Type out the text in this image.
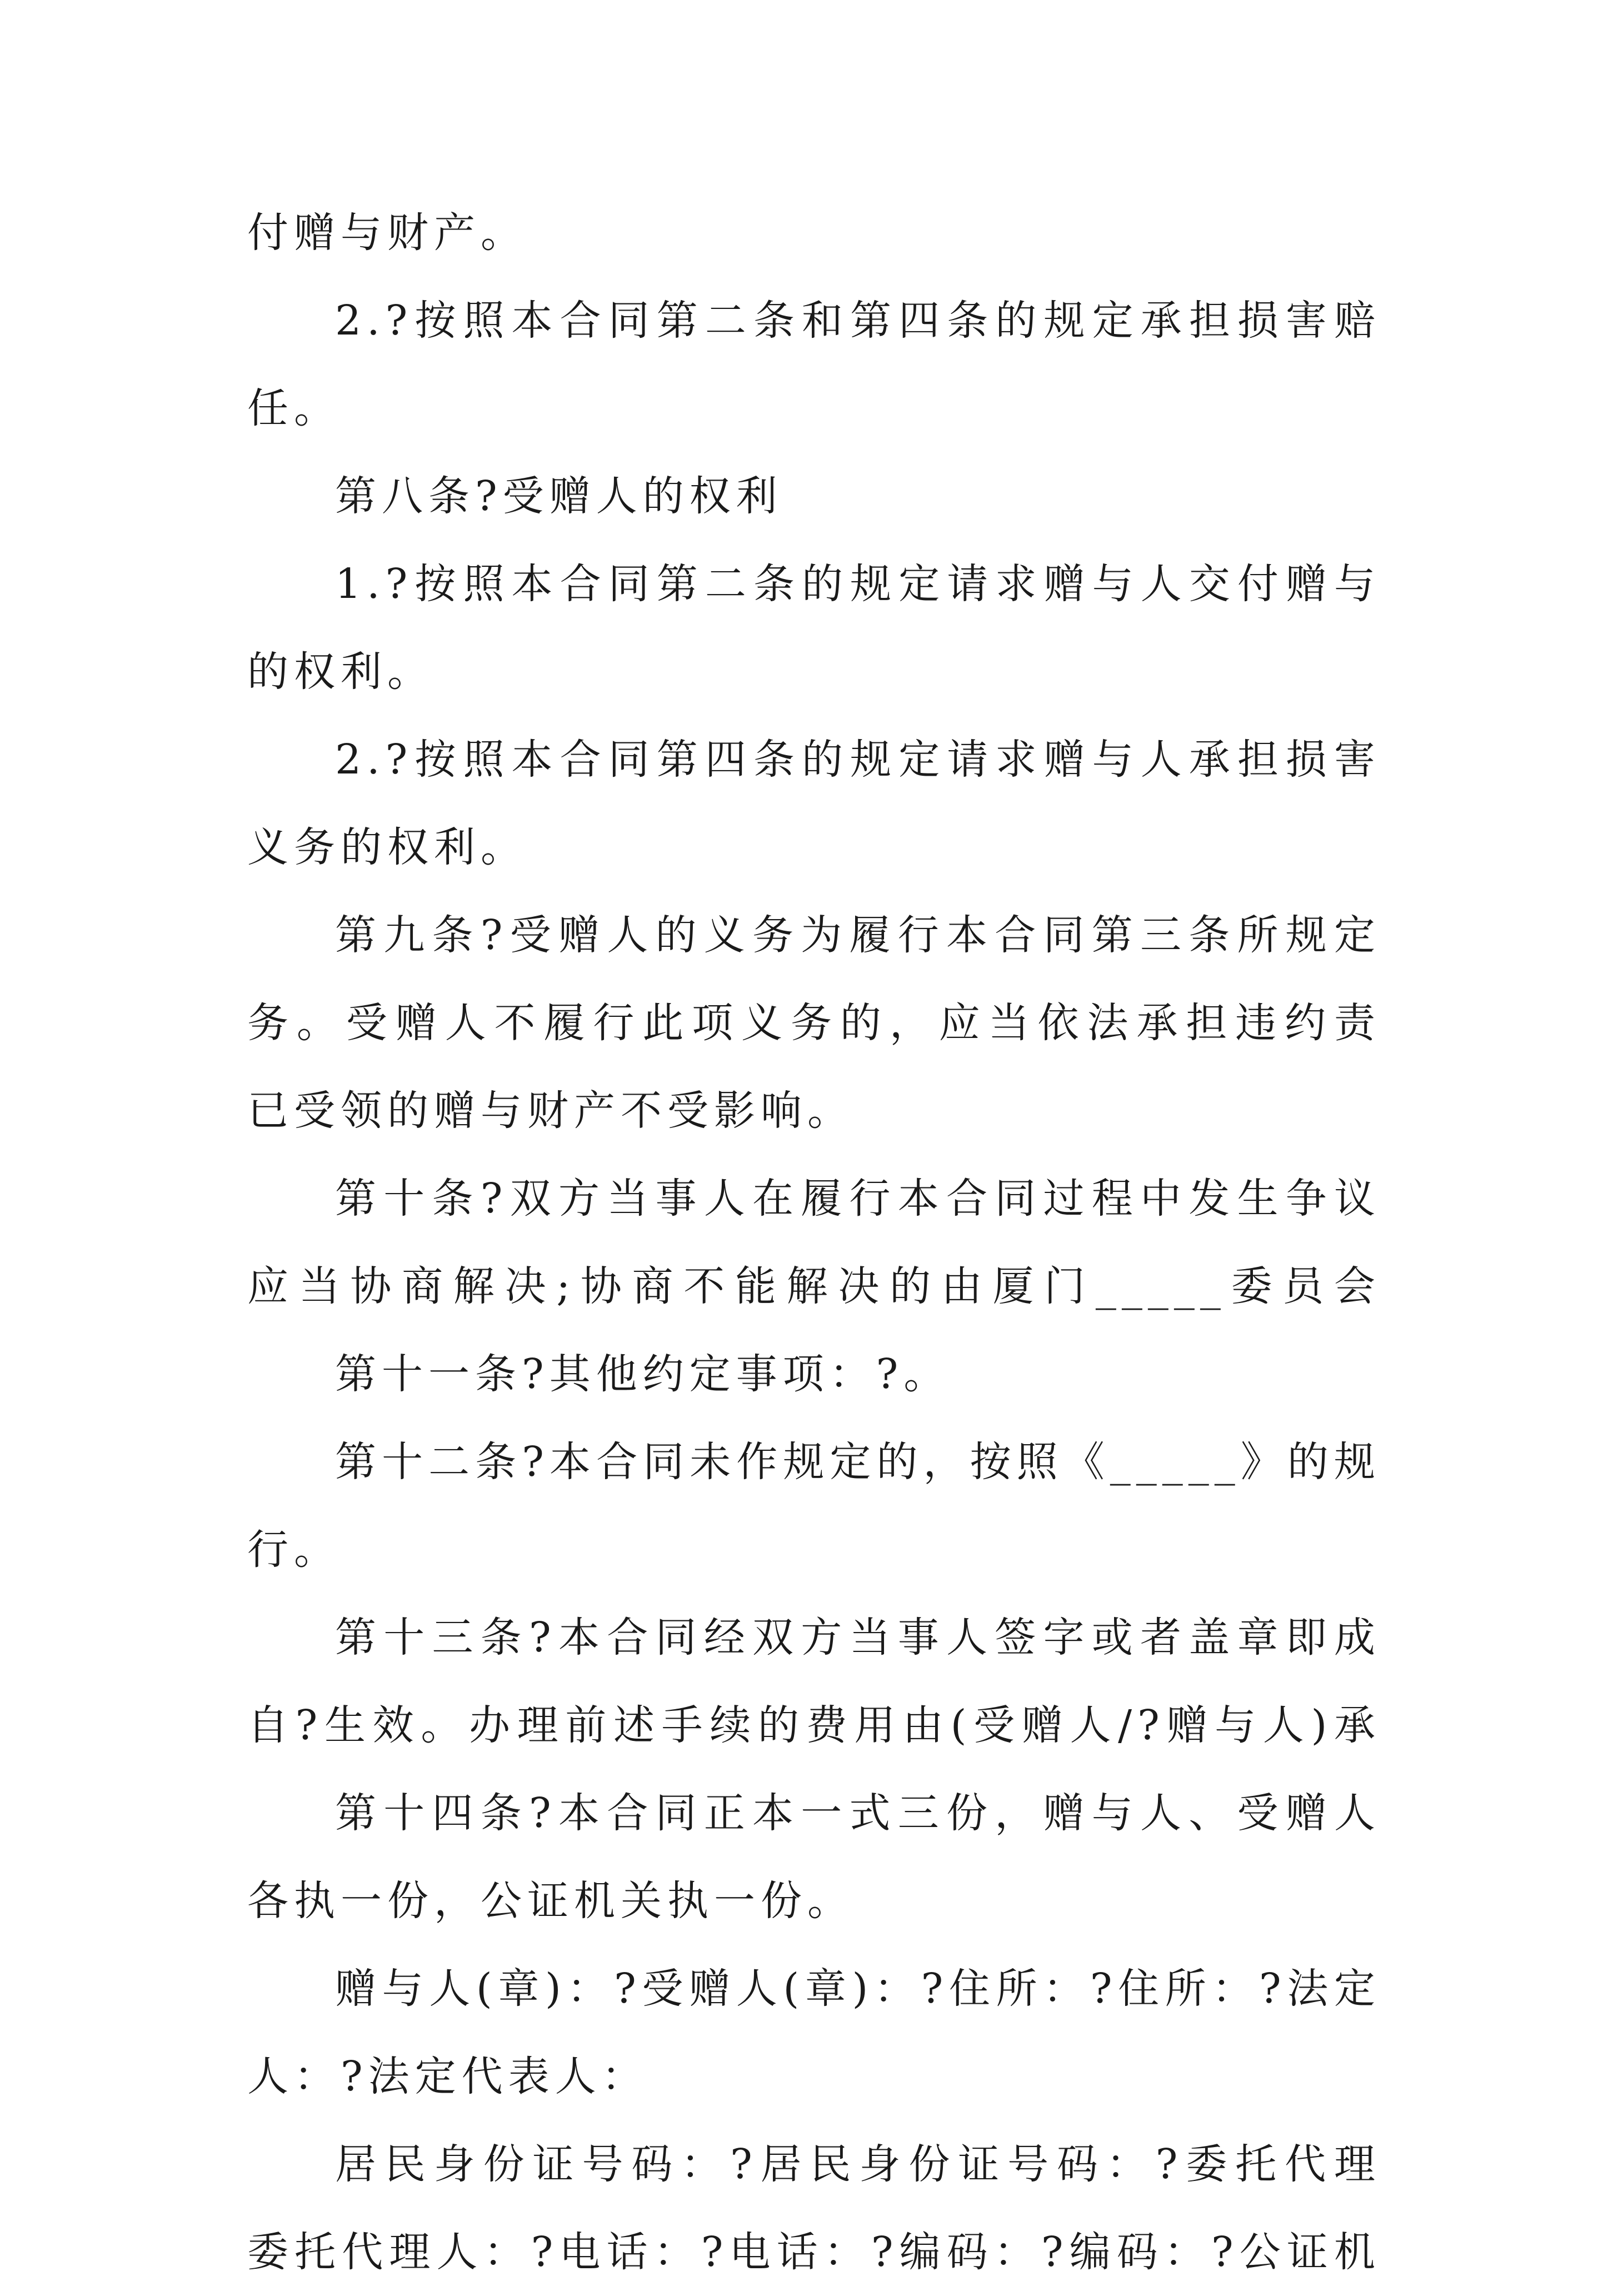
付赠与财产。
2.?按照本合同第二条和第四条的规定承担损害赔
任。
第八条?受赠人的权利
1.?按照本合同第二条的规定请求赠与人交付赠与
的权利。
2.?按照本合同第四条的规定请求赠与人承担损害
义务的权利。
第九条?受赠人的义务为履行本合同第三条所规定
务。受赠人不履行此项义务的，应当依法承担违约责
已受领的赠与财产不受影响。
第十条?双方当事人在履行本合同过程中发生争议
应当协商解决;协商不能解决的由厦门_____委员会
第十一条?其他约定事项：?。
第十二条?本合同未作规定的，按照《_____》的规
行。
第十三条?本合同经双方当事人签字或者盖章即成
自?生效。办理前述手续的费用由(受赠人/?赠与人)承
第十四条?本合同正本一式三份，赠与人、受赠人
各执一份，公证机关执一份。
赠与人(章)：?受赠人(章)：?住所：?住所：?法定
人：?法定代表人：
居民身份证号码：?居民身份证号码：?委托代理
委托代理人：?电话：?电话：?编码：?编码：?公证机
